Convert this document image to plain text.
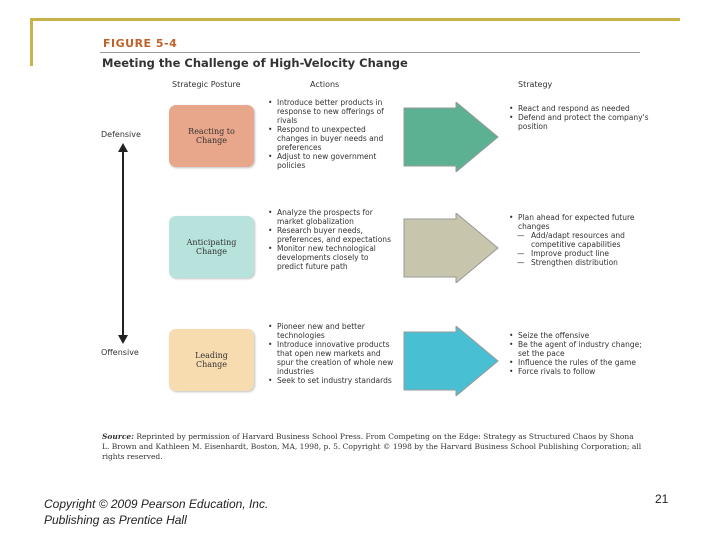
FIGURE 5-4
Meeting the Challenge of High-Velocity Change
Strategic Posture	Actions	Strategy
Defensive
Offensive
Reacting to Change
• Introduce better products in response to new offerings of rivals
• Respond to unexpected changes in buyer needs and preferences
• Adjust to new government policies
• React and respond as needed
• Defend and protect the company's position
Anticipating Change
• Analyze the prospects for market globalization
• Research buyer needs, preferences, and expectations
• Monitor new technological developments closely to predict future path
• Plan ahead for expected future changes
— Add/adapt resources and competitive capabilities
— Improve product line
— Strengthen distribution
Leading Change
• Pioneer new and better technologies
• Introduce innovative products that open new markets and spur the creation of whole new industries
• Seek to set industry standards
• Seize the offensive
• Be the agent of industry change; set the pace
• Influence the rules of the game
• Force rivals to follow
Source: Reprinted by permission of Harvard Business School Press. From Competing on the Edge: Strategy as Structured Chaos by Shona L. Brown and Kathleen M. Eisenhardt, Boston, MA, 1998, p. 5. Copyright © 1998 by the Harvard Business School Publishing Corporation; all rights reserved.
Copyright © 2009 Pearson Education, Inc.
Publishing as Prentice Hall
21
